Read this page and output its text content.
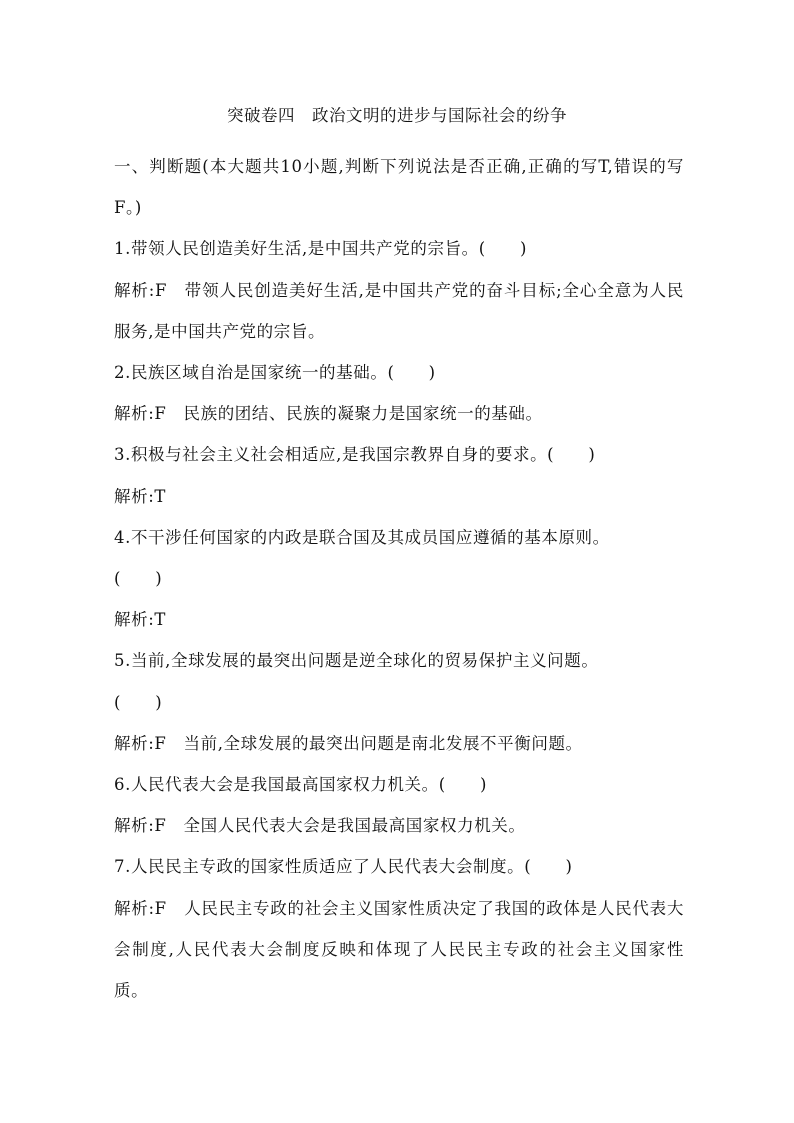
突破卷四　政治文明的进步与国际社会的纷争
一、判断题(本大题共10小题,判断下列说法是否正确,正确的写T,错误的写F。)
1.带领人民创造美好生活,是中国共产党的宗旨。(　　)
解析:F　带领人民创造美好生活,是中国共产党的奋斗目标;全心全意为人民服务,是中国共产党的宗旨。
2.民族区域自治是国家统一的基础。(　　)
解析:F　民族的团结、民族的凝聚力是国家统一的基础。
3.积极与社会主义社会相适应,是我国宗教界自身的要求。(　　)
解析:T
4.不干涉任何国家的内政是联合国及其成员国应遵循的基本原则。
(　　)
解析:T
5.当前,全球发展的最突出问题是逆全球化的贸易保护主义问题。
(　　)
解析:F　当前,全球发展的最突出问题是南北发展不平衡问题。
6.人民代表大会是我国最高国家权力机关。(　　)
解析:F　全国人民代表大会是我国最高国家权力机关。
7.人民民主专政的国家性质适应了人民代表大会制度。(　　)
解析:F　人民民主专政的社会主义国家性质决定了我国的政体是人民代表大会制度,人民代表大会制度反映和体现了人民民主专政的社会主义国家性质。
